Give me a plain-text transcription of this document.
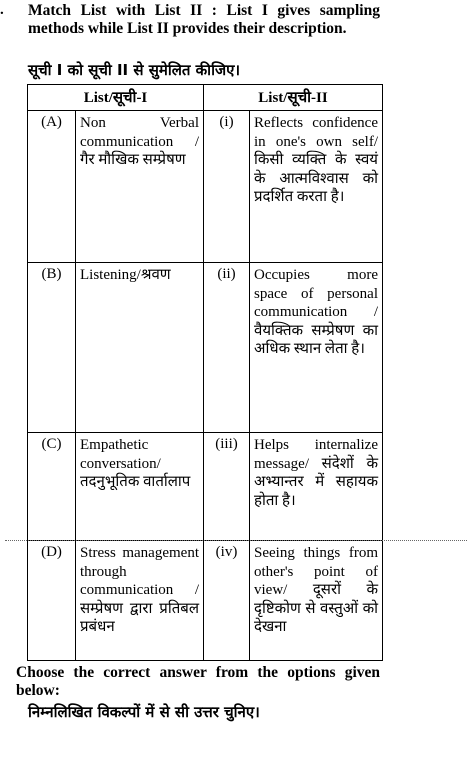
. Match List with List II : List I gives sampling methods while List II provides their description.
सूची I को सूची II से सुमेलित कीजिए।
List/सूची-I		List/सूची-II	
(A)	Non Verbal communication / गैर मौखिक सम्प्रेषण	(i)	Reflects confidence in one's own self/ किसी व्यक्ति के स्वयं के आत्मविश्वास को प्रदर्शित करता है।
(B)	Listening/श्रवण	(ii)	Occupies more space of personal communication / वैयक्तिक सम्प्रेषण का अधिक स्थान लेता है।
(C)	Empathetic conversation/ तदनुभूतिक वार्तालाप	(iii)	Helps internalize message/ संदेशों के अभ्यान्तर में सहायक होता है।
(D)	Stress management through communication / सम्प्रेषण द्वारा प्रतिबल प्रबंधन	(iv)	Seeing things from other's point of view/ दूसरों के दृष्टिकोण से वस्तुओं को देखना
Choose the correct answer from the options given below:
निम्नलिखित विकल्पों में से सी उत्तर चुनिए।
